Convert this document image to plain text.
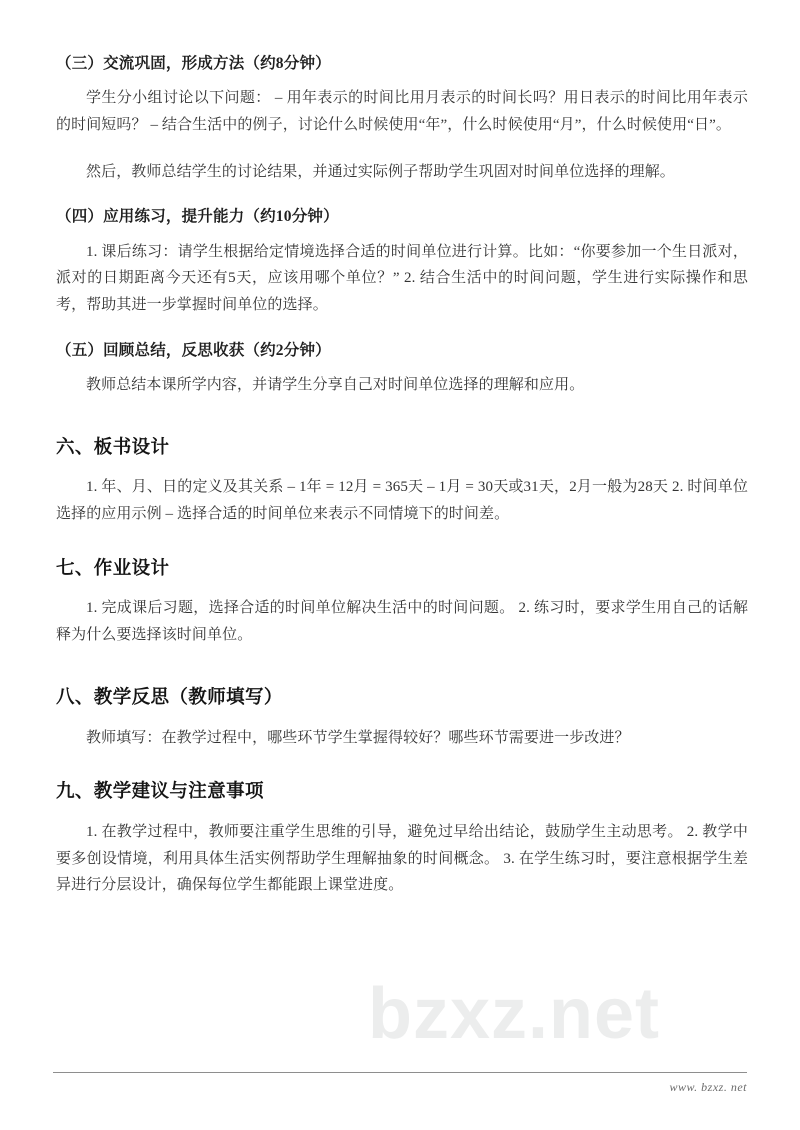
bzxz.net
（三）交流巩固，形成方法（约8分钟）

学生分小组讨论以下问题： – 用年表示的时间比用月表示的时间长吗？用日表示的时间比用年表示的时间短吗？ – 结合生活中的例子，讨论什么时候使用“年”，什么时候使用“月”，什么时候使用“日”。

然后，教师总结学生的讨论结果，并通过实际例子帮助学生巩固对时间单位选择的理解。

（四）应用练习，提升能力（约10分钟）

1. 课后练习：请学生根据给定情境选择合适的时间单位进行计算。比如：“你要参加一个生日派对，派对的日期距离今天还有5天，应该用哪个单位？” 2. 结合生活中的时间问题，学生进行实际操作和思考，帮助其进一步掌握时间单位的选择。

（五）回顾总结，反思收获（约2分钟）

教师总结本课所学内容，并请学生分享自己对时间单位选择的理解和应用。

六、板书设计

1. 年、月、日的定义及其关系 – 1年 = 12月 = 365天 – 1月 = 30天或31天，2月一般为28天 2. 时间单位选择的应用示例 – 选择合适的时间单位来表示不同情境下的时间差。

七、作业设计

1. 完成课后习题，选择合适的时间单位解决生活中的时间问题。 2. 练习时，要求学生用自己的话解释为什么要选择该时间单位。

八、教学反思（教师填写）

教师填写：在教学过程中，哪些环节学生掌握得较好？哪些环节需要进一步改进？

九、教学建议与注意事项

1. 在教学过程中，教师要注重学生思维的引导，避免过早给出结论，鼓励学生主动思考。 2. 教学中要多创设情境，利用具体生活实例帮助学生理解抽象的时间概念。 3. 在学生练习时，要注意根据学生差异进行分层设计，确保每位学生都能跟上课堂进度。

www. bzxz. net
